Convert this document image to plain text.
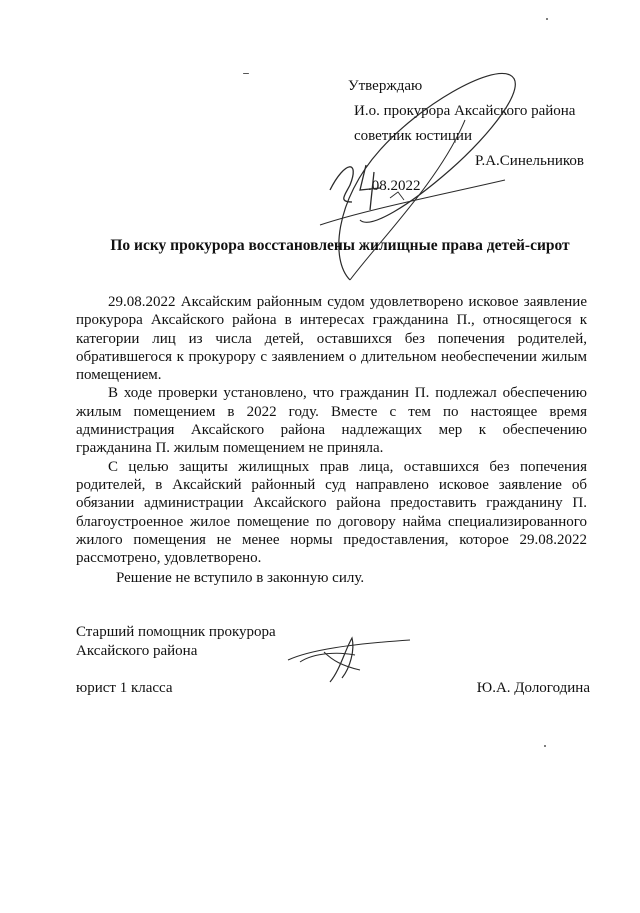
Утверждаю
И.о. прокурора Аксайского района
советник юстиции
Р.А.Синельников
.08.2022
По иску прокурора восстановлены жилищные права детей-сирот

29.08.2022 Аксайским районным судом удовлетворено исковое заявление прокурора Аксайского района в интересах гражданина П., относящегося к категории лиц из числа детей, оставшихся без попечения родителей, обратившегося к прокурору с заявлением о длительном необеспечении жилым помещением.

В ходе проверки установлено, что гражданин П. подлежал обеспечению жилым помещением в 2022 году. Вместе с тем по настоящее время администрация Аксайского района надлежащих мер к обеспечению гражданина П. жилым помещением не приняла.

С целью защиты жилищных прав лица, оставшихся без попечения родителей, в Аксайский районный суд направлено исковое заявление об обязании администрации Аксайского района предоставить гражданину П. благоустроенное жилое помещение по договору найма специализированного жилого помещения не менее нормы предоставления, которое 29.08.2022 рассмотрено, удовлетворено.

Решение не вступило в законную силу.

Старший помощник прокурора
Аксайского района
юрист 1 класса	Ю.А. Дологодина
